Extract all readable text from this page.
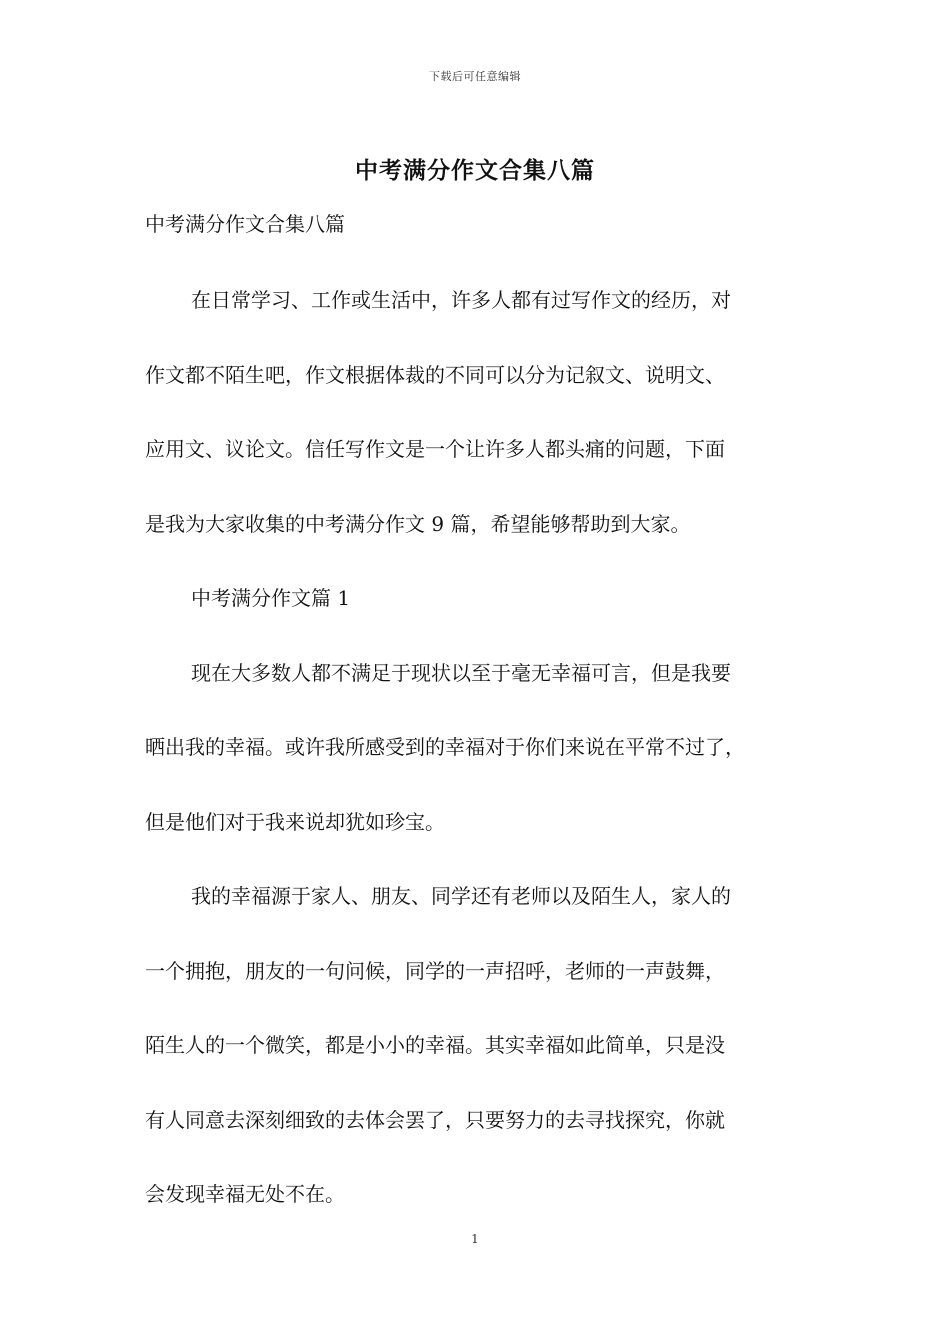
下载后可任意编辑
中考满分作文合集八篇
中考满分作文合集八篇
在日常学习、工作或生活中，许多人都有过写作文的经历，对
作文都不陌生吧，作文根据体裁的不同可以分为记叙文、说明文、
应用文、议论文。信任写作文是一个让许多人都头痛的问题，下面
是我为大家收集的中考满分作文 9 篇，希望能够帮助到大家。
中考满分作文篇 1
现在大多数人都不满足于现状以至于毫无幸福可言，但是我要
晒出我的幸福。或许我所感受到的幸福对于你们来说在平常不过了，
但是他们对于我来说却犹如珍宝。
我的幸福源于家人、朋友、同学还有老师以及陌生人，家人的
一个拥抱，朋友的一句问候，同学的一声招呼，老师的一声鼓舞，
陌生人的一个微笑，都是小小的幸福。其实幸福如此简单，只是没
有人同意去深刻细致的去体会罢了，只要努力的去寻找探究，你就
会发现幸福无处不在。
1
